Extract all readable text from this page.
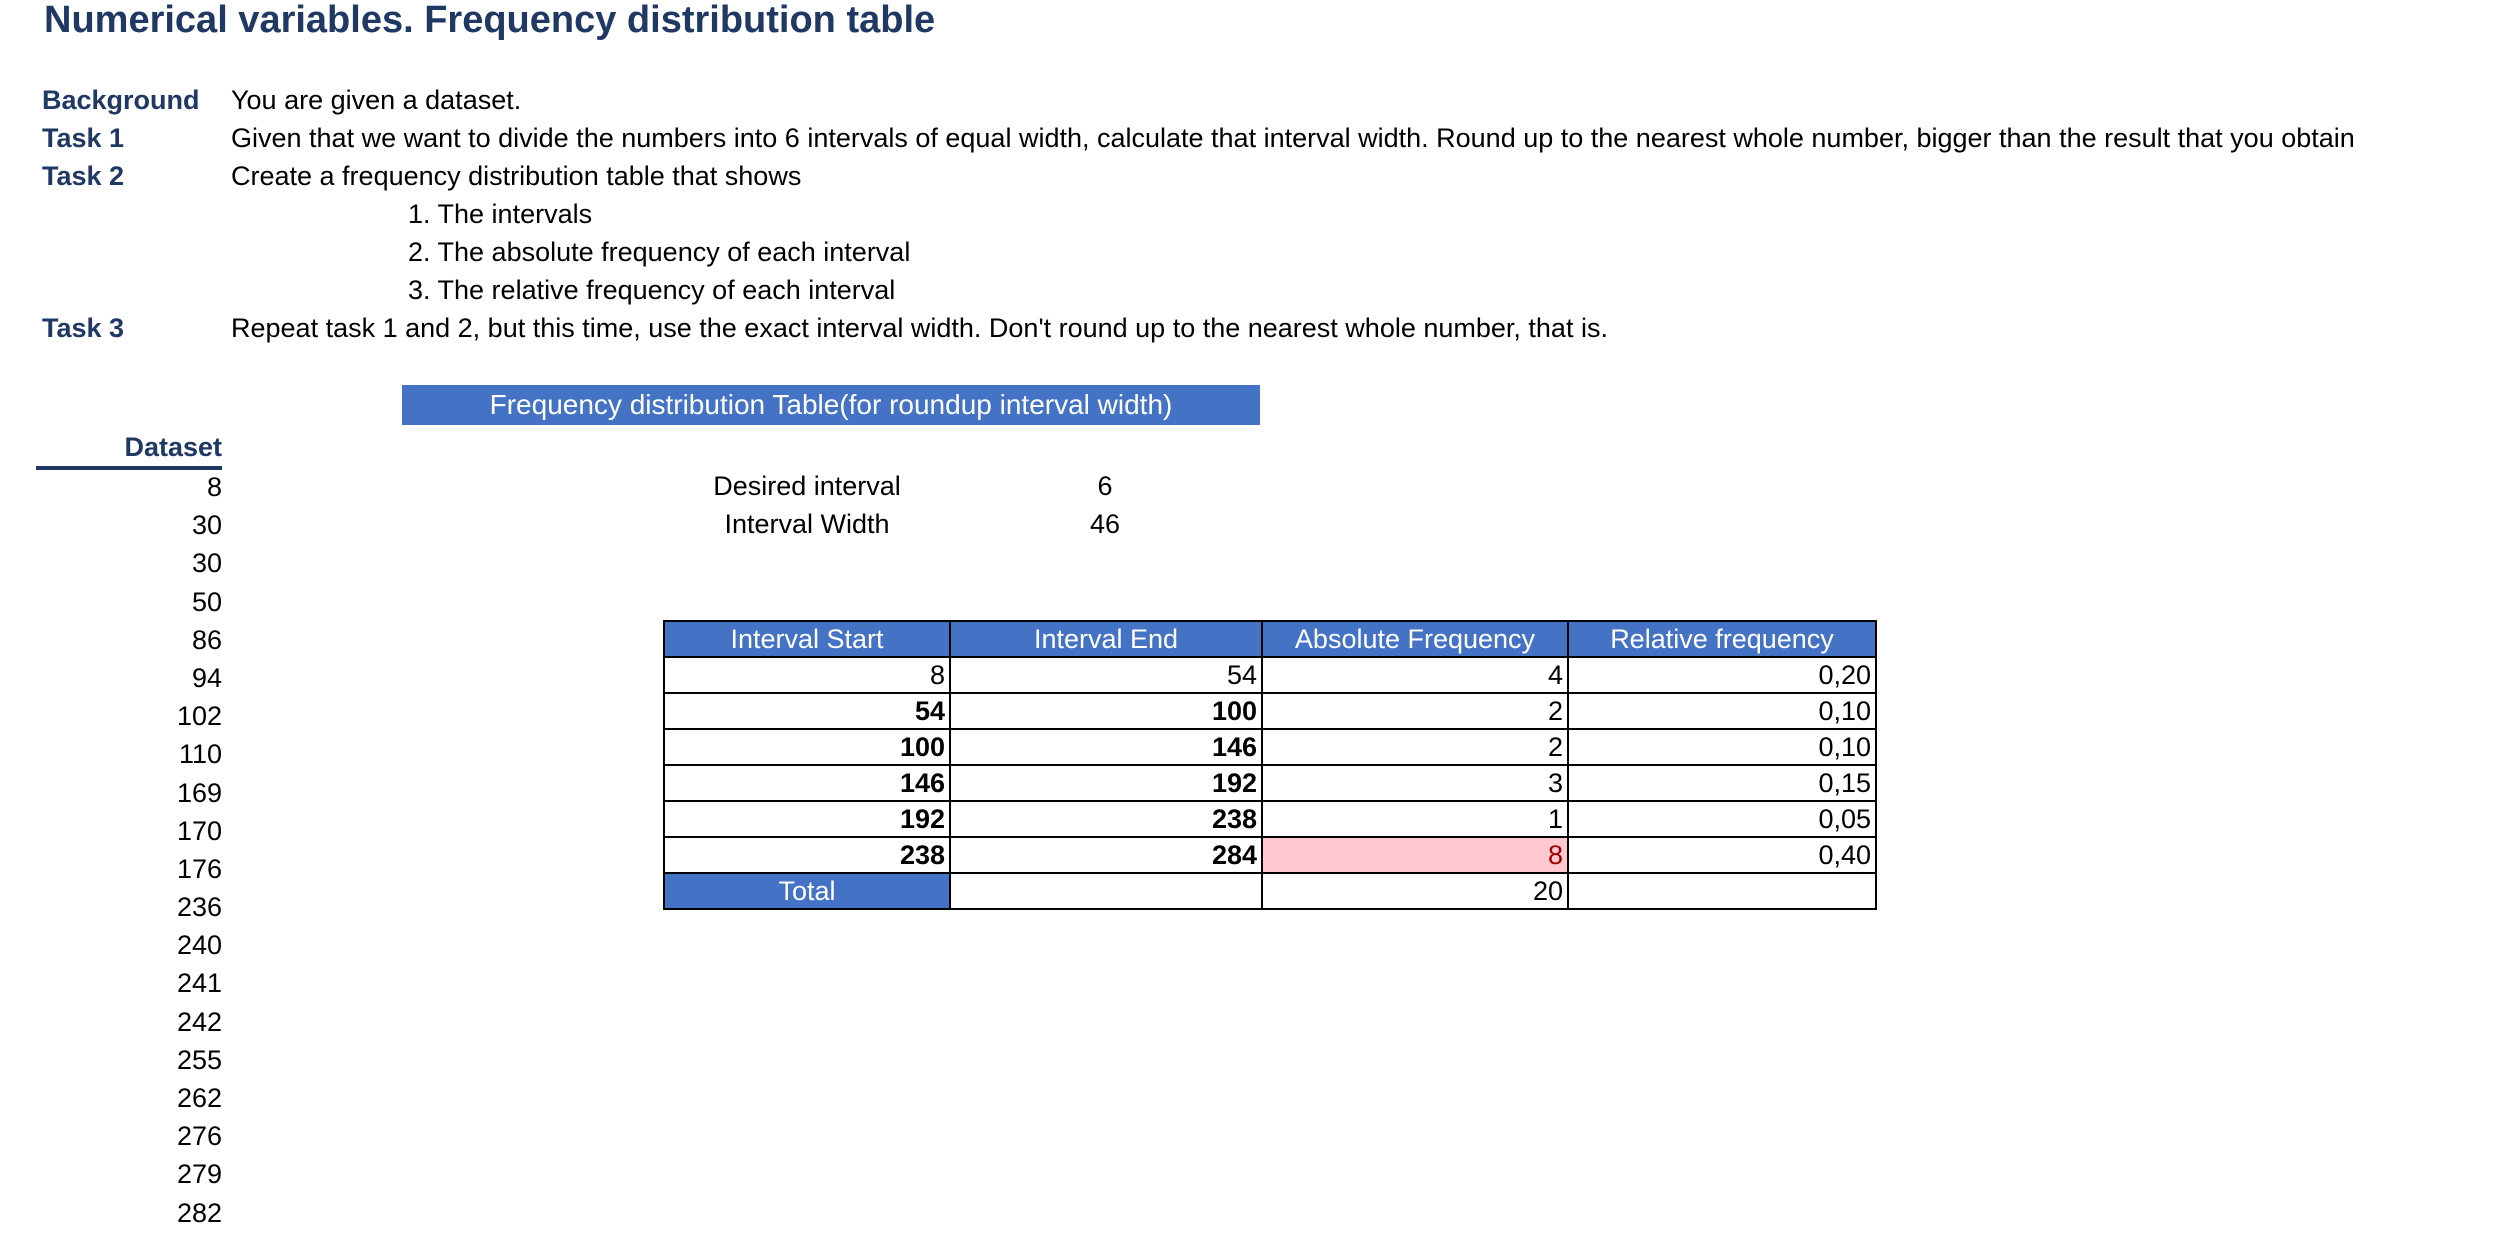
Numerical variables. Frequency distribution table
Background You are given a dataset.
Task 1	Given that we want to divide the numbers into 6 intervals of equal width, calculate that interval width. Round up to the nearest whole number, bigger than the result that you obtain
Task 2	Create a frequency distribution table that shows
1. The intervals
2. The absolute frequency of each interval
3. The relative frequency of each interval
Task 3	Repeat task 1 and 2, but this time, use the exact interval width. Don't round up to the nearest whole number, that is.
Frequency distribution Table(for roundup interval width)
Dataset
8
30
30
50
86
94
102
110
169
170
176
236
240
241
242
255
262
276
279
282
Desired interval	6
Interval Width	46
Interval Start	Interval End	Absolute Frequency	Relative frequency
8	54	4	0,20
54	100	2	0,10
100	146	2	0,10
146	192	3	0,15
192	238	1	0,05
238	284	8	0,40
Total		20	
